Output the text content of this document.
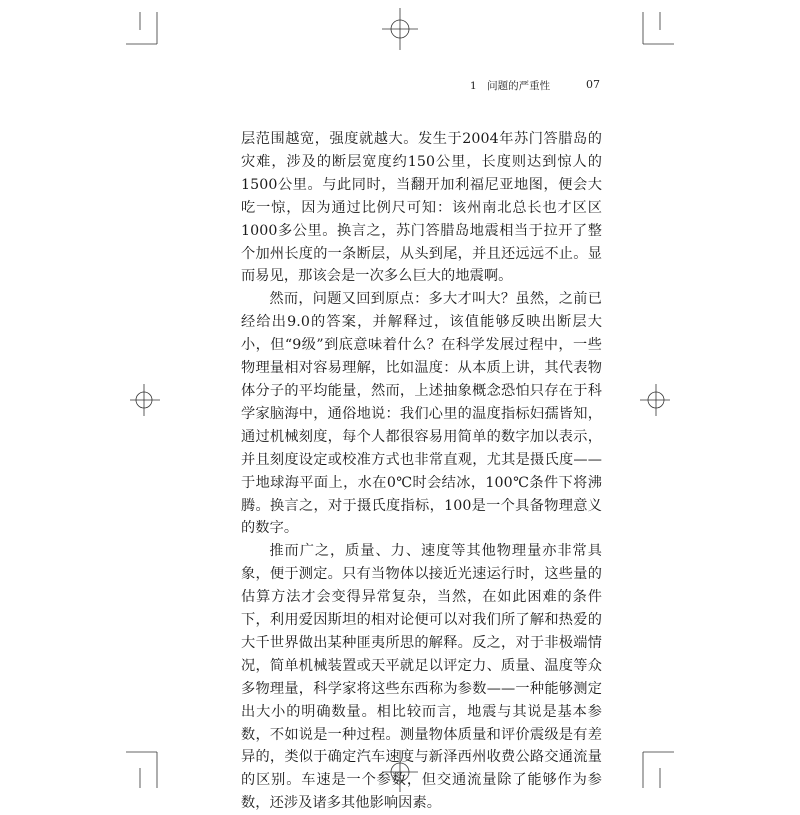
1　问题的严重性	07

层范围越宽，强度就越大。发生于2004年苏门答腊岛的灾难，涉及的断层宽度约150公里，长度则达到惊人的1500公里。与此同时，当翻开加利福尼亚地图，便会大吃一惊，因为通过比例尺可知：该州南北总长也才区区1000多公里。换言之，苏门答腊岛地震相当于拉开了整个加州长度的一条断层，从头到尾，并且还远远不止。显而易见，那该会是一次多么巨大的地震啊。

然而，问题又回到原点：多大才叫大？虽然，之前已经给出9.0的答案，并解释过，该值能够反映出断层大小，但“9级”到底意味着什么？在科学发展过程中，一些物理量相对容易理解，比如温度：从本质上讲，其代表物体分子的平均能量，然而，上述抽象概念恐怕只存在于科学家脑海中，通俗地说：我们心里的温度指标妇孺皆知，通过机械刻度，每个人都很容易用简单的数字加以表示，并且刻度设定或校准方式也非常直观，尤其是摄氏度——于地球海平面上，水在0℃时会结冰，100℃条件下将沸腾。换言之，对于摄氏度指标，100是一个具备物理意义的数字。

推而广之，质量、力、速度等其他物理量亦非常具象，便于测定。只有当物体以接近光速运行时，这些量的估算方法才会变得异常复杂，当然，在如此困难的条件下，利用爱因斯坦的相对论便可以对我们所了解和热爱的大千世界做出某种匪夷所思的解释。反之，对于非极端情况，简单机械装置或天平就足以评定力、质量、温度等众多物理量，科学家将这些东西称为参数——一种能够测定出大小的明确数量。相比较而言，地震与其说是基本参数，不如说是一种过程。测量物体质量和评价震级是有差异的，类似于确定汽车速度与新泽西州收费公路交通流量的区别。车速是一个参数，但交通流量除了能够作为参数，还涉及诸多其他影响因素。
